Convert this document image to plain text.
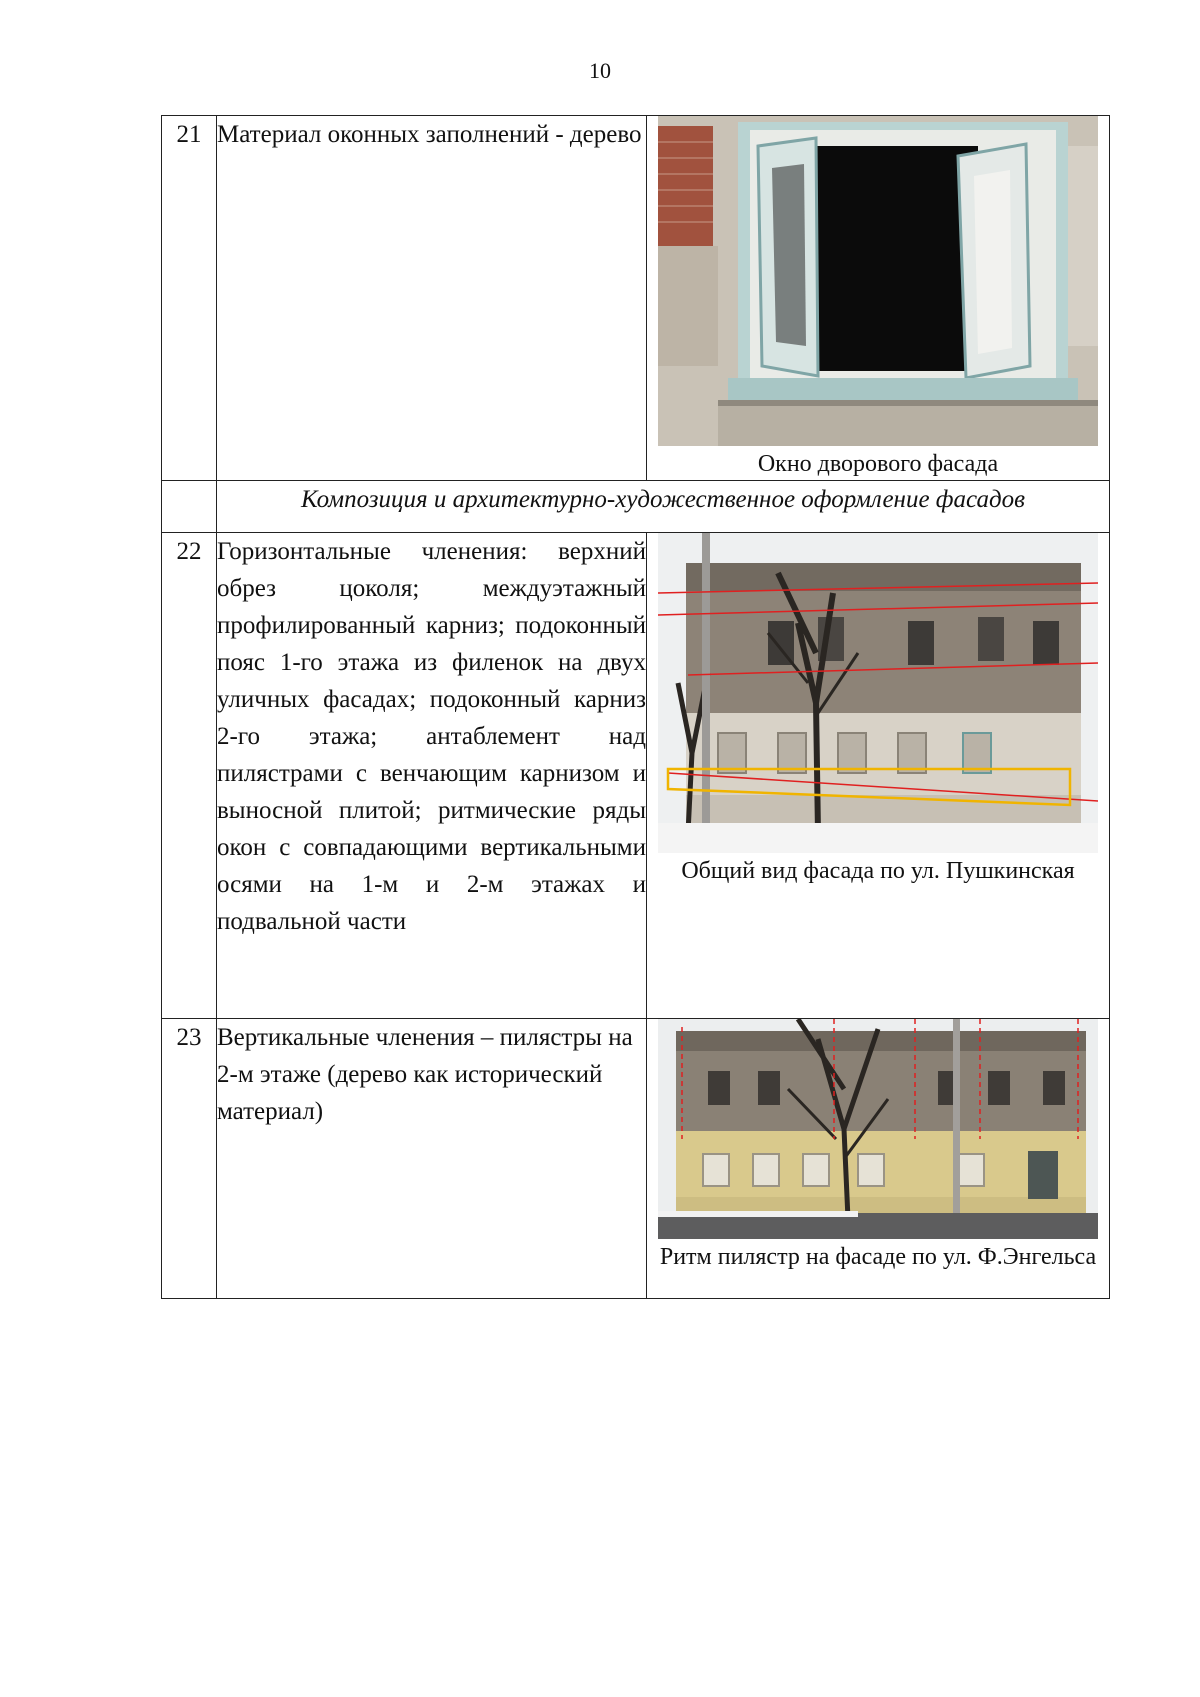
10
21	Материал оконных заполнений - дерево	Окно дворового фасада

	Композиция и архитектурно-художественное оформление фасадов	
22	Горизонтальные членения: верхний обрез цоколя; междуэтажный профилированный карниз; подоконный пояс 1-го этажа из филенок на двух уличных фасадах; подоконный карниз 2-го этажа; антаблемент над пилястрами с венчающим карнизом и выносной плитой; ритмические ряды окон с совпадающими вертикальными осями на 1-м и 2-м этажах и подвальной части	Общий вид фасада по ул. Пушкинская

23	Вертикальные членения – пилястры на 2-м этаже (дерево как исторический материал)	Ритм пилястр на фасаде по ул. Ф.Энгельса
